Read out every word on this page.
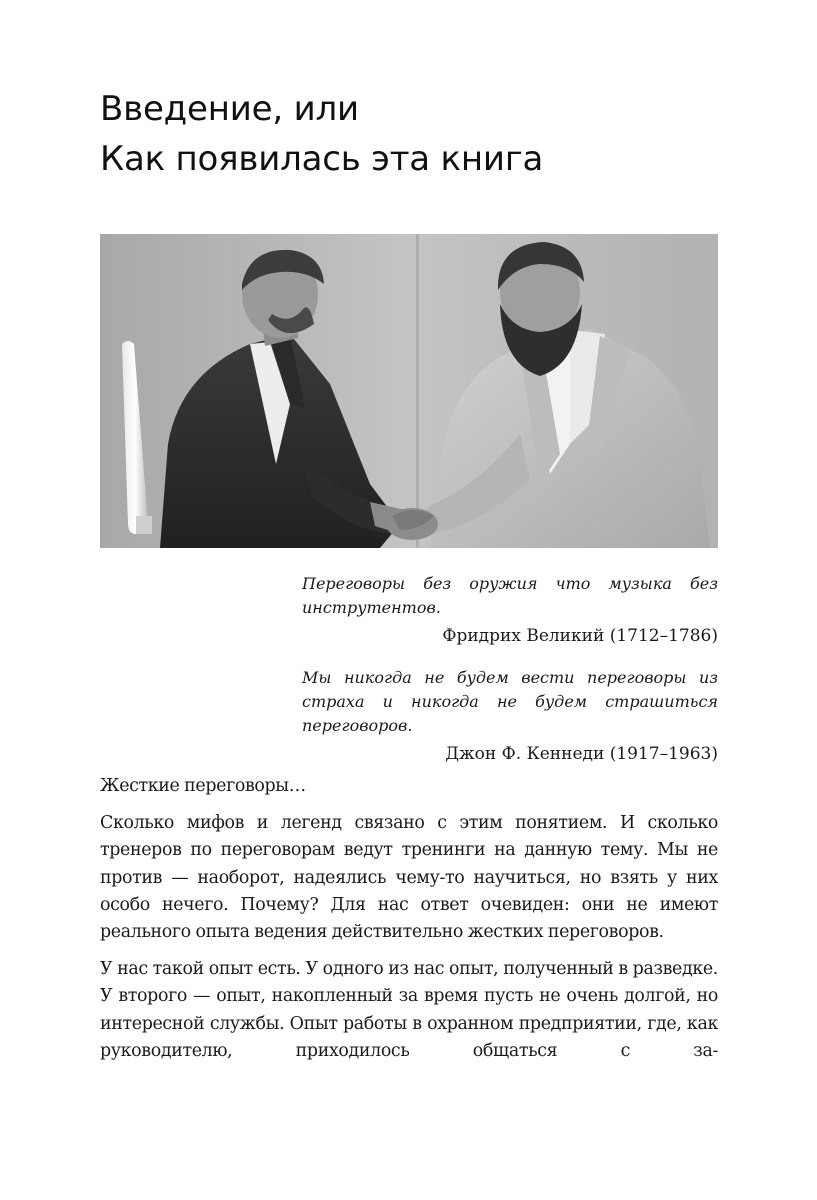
Введение, или
Как появилась эта книга

Переговоры без оружия что музыка без инструmентов.

Фридрих Великий (1712–1786)

Мы никогда не будем вести переговоры из страха и никогда не будем страшиться переговоров.

Джон Ф. Кеннеди (1917–1963)

Жесткие переговоры…

Сколько мифов и легенд связано с этим понятием. И сколько тренеров по переговорам ведут тренинги на данную тему. Мы не против — наоборот, надеялись чему-то научиться, но взять у них особо нечего. Почему? Для нас ответ очевиден: они не имеют реального опыта ведения действительно жестких переговоров.

У нас такой опыт есть. У одного из нас опыт, полученный в разведке. У второго — опыт, накопленный за время пусть не очень долгой, но интересной службы. Опыт работы в охранном предприятии, где, как руководителю, приходилось общаться с за-
